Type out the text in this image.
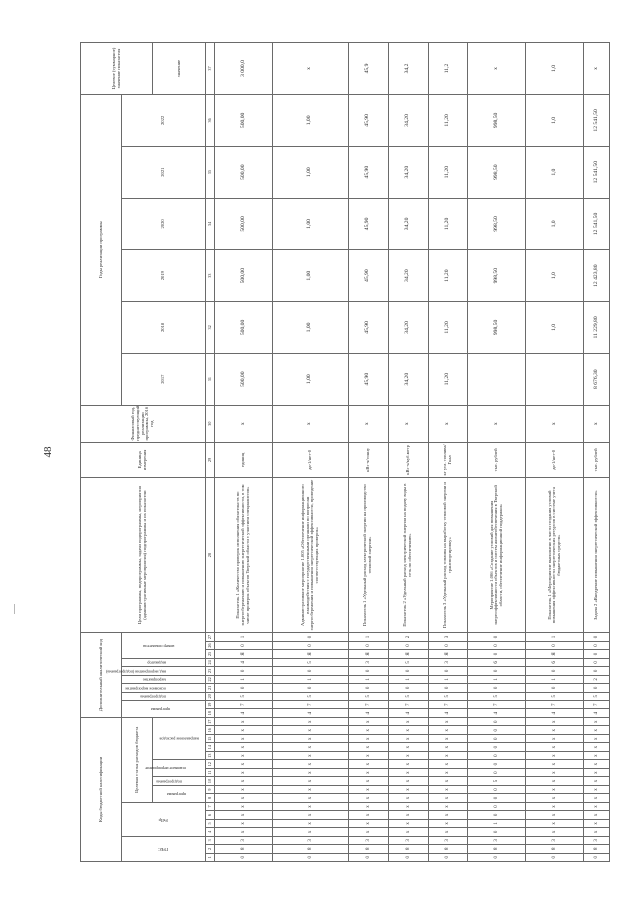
48
Коды бюджетной классификации																	Дополнительный аналитический код										Цели программы, подпрограммы, задачи подпрограммы, мероприятия (административные мероприятия) подпрограммы и их показатели	Единица измерения	Финансовый год, предшествующий реализации программы, 2016 год	Годы реализации программы						Целевое (суммарное) значение показателя

ГРБС			РзПр				Целевая статья расходов бюджета										программа		подпрограмма	основное мероприятие	мероприятие	вид мероприятия (подпрограмма)	индикатор	номер показателя						2017	2018	2019	2020	2021	2022	

							программа		подпрограмма	основное мероприятие		направление расходов																								значение
1	2	3	4	5	6	7	8	9	10	11	12	13	14	15	16	17	18	19	20	21	22	23	24	25	26	27	28	29	30	31	32	33	34	35	36	37
0	8	3	х	х	х	х	х	х	х	х	х	х	х	х	х	х	4	7	5	0	1	0	4	Я	0	1	Показатель 1 «Количество проверок исполнения обязательств по энергосбережению и повышению энергетической эффективности, в том числе проверок объектов Тверской области с участием специалистов»	единиц	х	500,00	500,00	500,00	500,00	500,00	500,00	3 000,0
0	8	3	х	х	х	х	х	х	х	х	х	х	х	х	х	х	4	7	5	0	1	0	5	Я	0	0	Административное мероприятие 1.005 «Обеспечение информационного взаимодействия с государственными органами по вопросам энергосбережения и повышения энергетической эффективности, проведение соответствующих проверок»	да-1/нет-0	х	1,00	1,00	1,00	1,00	1,00	1,00	х
0	8	3	х	х	х	х	х	х	х	х	х	х	х	х	х	х	4	7	5	0	1	0	3	Я	0	1	Показатель 1 «Удельный расход электрической энергии на производство тепловой энергии»	кВт·ч/тонну	х	45,90	45,90	45,90	45,90	45,90	45,90	45,9
0	8	3	х	х	х	х	х	х	х	х	х	х	х	х	х	х	4	7	5	0	1	0	5	Я	0	2	Показатель 2 «Удельный расход электрической энергии на подачу воды в сеть по обеспечению»	кВт·ч/куб.метр	х	34,20	34,20	34,20	34,20	34,20	34,20	34,2
0	8	3	х	х	х	х	х	х	х	х	х	х	х	х	х	х	4	7	5	0	1	0	3	Я	0	3	Показатель 3 «Удельный расход топлива на выработку тепловой энергии и транспортировку»	кг усл. топлива/Гкал	х	11,20	11,20	11,20	11,20	11,20	11,20	11,2
0	8	3	0	1	0	0	0	0	5	0	0	0	0	0	0	0	4	7	5	0	1	0	6	0	0	0	Мероприятие 1.006 «Создание условий для повышения энергоэффективности объектов и систем жизнеобеспечения в Тверской области, обеспечение информационной поддержки»	тыс. рублей	х		998,50	998,50	998,50	998,50	998,50	х
0	8	3	х	х	х	х	х	х	х	х	х	х	х	х	х	х	4	7	5	0	1	0	6	Я	0	1	Показатель 1 «Мероприятие выполнено в части создания условий повышения эффективности энергетических ресурсов в системе учета бюджетных средств»	да-1/нет-0	х		1,0	1,0	1,0	1,0	1,0	1,0
0	8	3	х	х	х	х	х	х	х	х	х	х	х	х	х	х	4	7	5	0	2	0	0	0	0	0	Задача 2 «Внедрение повышения энергетической эффективности»	тыс. рублей	х	8 676,30	11 229,80	12 423,80	12 541,50	12 541,50	12 541,50	х
